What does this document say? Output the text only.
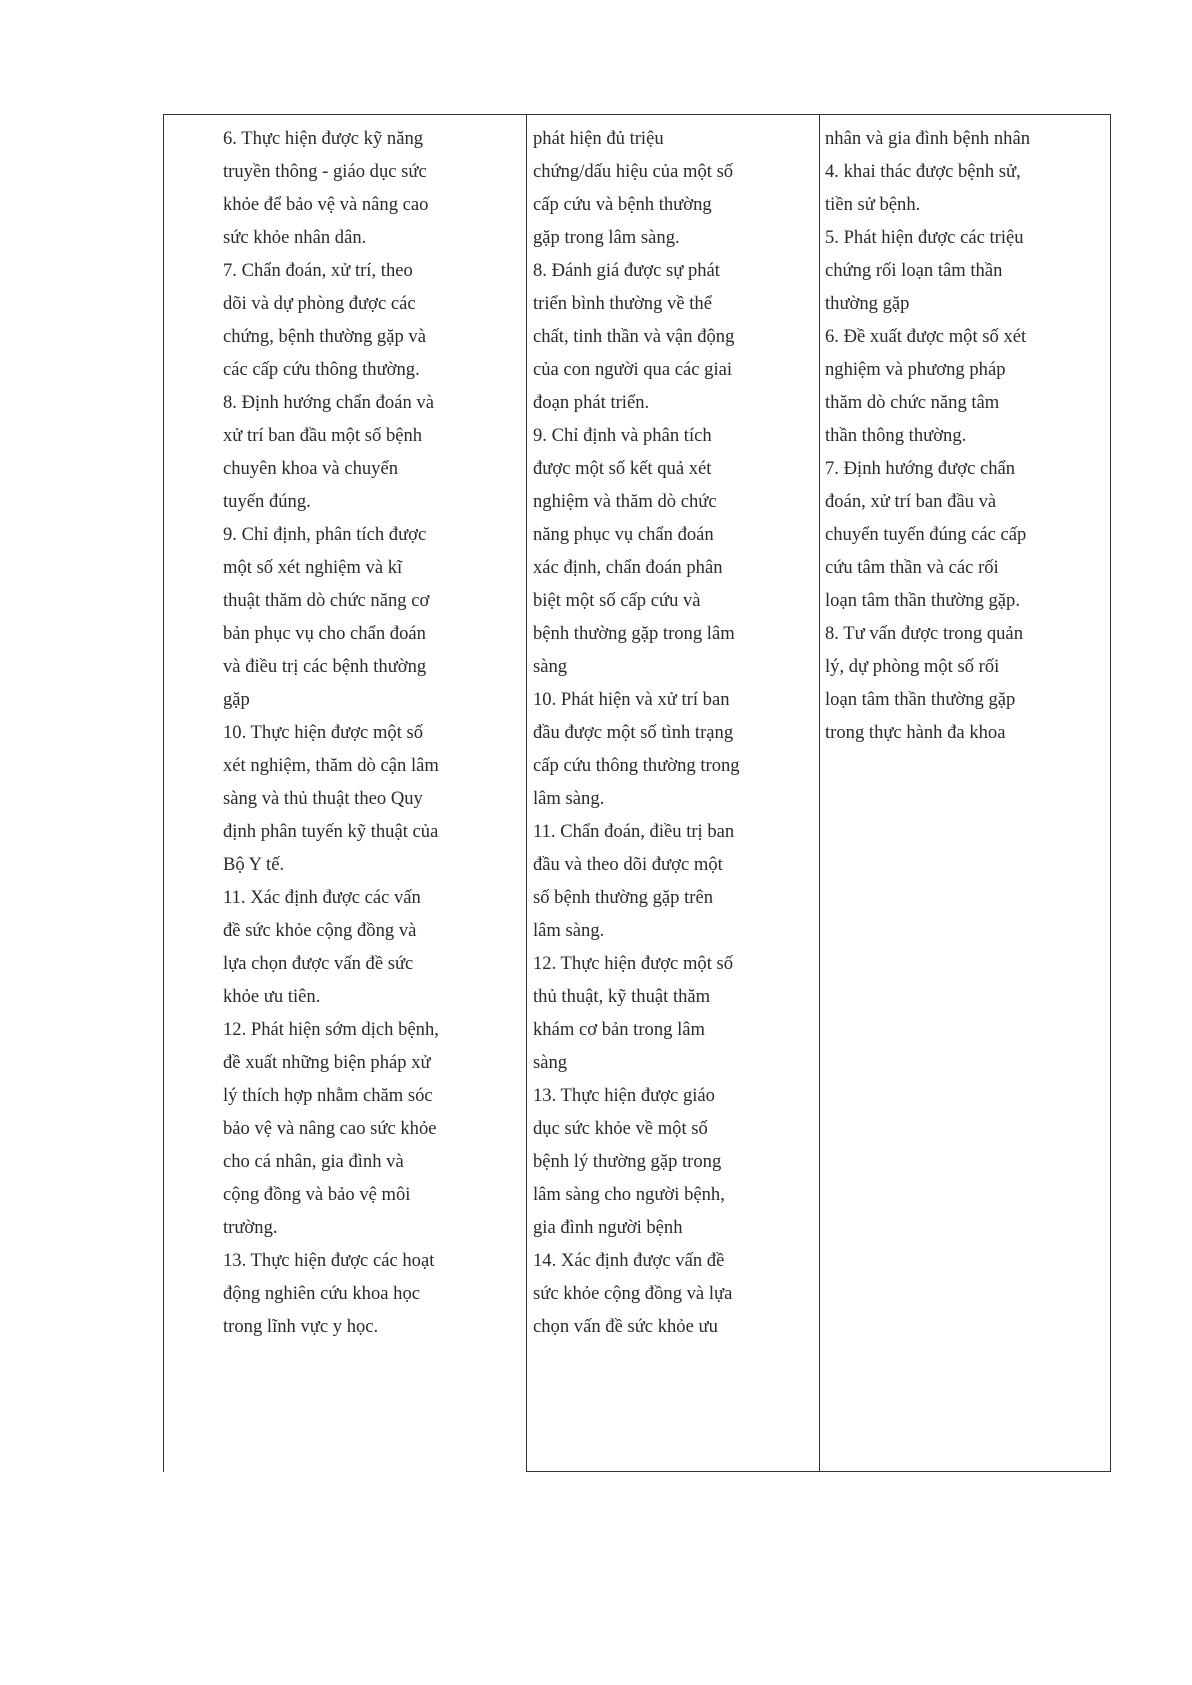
6. Thực hiện được kỹ năng
truyền thông - giáo dục sức
khỏe để bảo vệ và nâng cao
sức khỏe nhân dân.
7. Chẩn đoán, xử trí, theo
dõi và dự phòng được các
chứng, bệnh thường gặp và
các cấp cứu thông thường.
8. Định hướng chẩn đoán và
xử trí ban đầu một số bệnh
chuyên khoa và chuyển
tuyến đúng.
9. Chỉ định, phân tích được
một số xét nghiệm và kĩ
thuật thăm dò chức năng cơ
bản phục vụ cho chẩn đoán
và điều trị các bệnh thường
gặp
10. Thực hiện được một số
xét nghiệm, thăm dò cận lâm
sàng và thủ thuật theo Quy
định phân tuyến kỹ thuật của
Bộ Y tế.
11. Xác định được các vấn
đề sức khỏe cộng đồng và
lựa chọn được vấn đề sức
khỏe ưu tiên.
12. Phát hiện sớm dịch bệnh,
đề xuất những biện pháp xử
lý thích hợp nhằm chăm sóc
bảo vệ và nâng cao sức khỏe
cho cá nhân, gia đình và
cộng đồng và bảo vệ môi
trường.
13. Thực hiện được các hoạt
động nghiên cứu khoa học
trong lĩnh vực y học.
phát hiện đủ triệu
chứng/dấu hiệu của một số
cấp cứu và bệnh thường
gặp trong lâm sàng.
8. Đánh giá được sự phát
triển bình thường về thể
chất, tinh thần và vận động
của con người qua các giai
đoạn phát triển.
9. Chỉ định và phân tích
được một số kết quả xét
nghiệm và thăm dò chức
năng phục vụ chẩn đoán
xác định, chẩn đoán phân
biệt một số cấp cứu và
bệnh thường gặp trong lâm
sàng
10. Phát hiện và xử trí ban
đầu được một số tình trạng
cấp cứu thông thường trong
lâm sàng.
11. Chẩn đoán, điều trị ban
đầu và theo dõi được một
số bệnh thường gặp trên
lâm sàng.
12. Thực hiện được một số
thủ thuật, kỹ thuật thăm
khám cơ bản trong lâm
sàng
13. Thực hiện được giáo
dục sức khỏe về một số
bệnh lý thường gặp trong
lâm sàng cho người bệnh,
gia đình người bệnh
14. Xác định được vấn đề
sức khỏe cộng đồng và lựa
chọn vấn đề sức khỏe ưu
nhân và gia đình bệnh nhân
4. khai thác được bệnh sử,
tiền sử bệnh.
5. Phát hiện được các triệu
chứng rối loạn tâm thần
thường gặp
6. Đề xuất được một số xét
nghiệm và phương pháp
thăm dò chức năng tâm
thần thông thường.
7. Định hướng được chẩn
đoán, xử trí ban đầu và
chuyển tuyến đúng các cấp
cứu tâm thần và các rối
loạn tâm thần thường gặp.
8. Tư vấn được trong quản
lý, dự phòng một số rối
loạn tâm thần thường gặp
trong thực hành đa khoa
